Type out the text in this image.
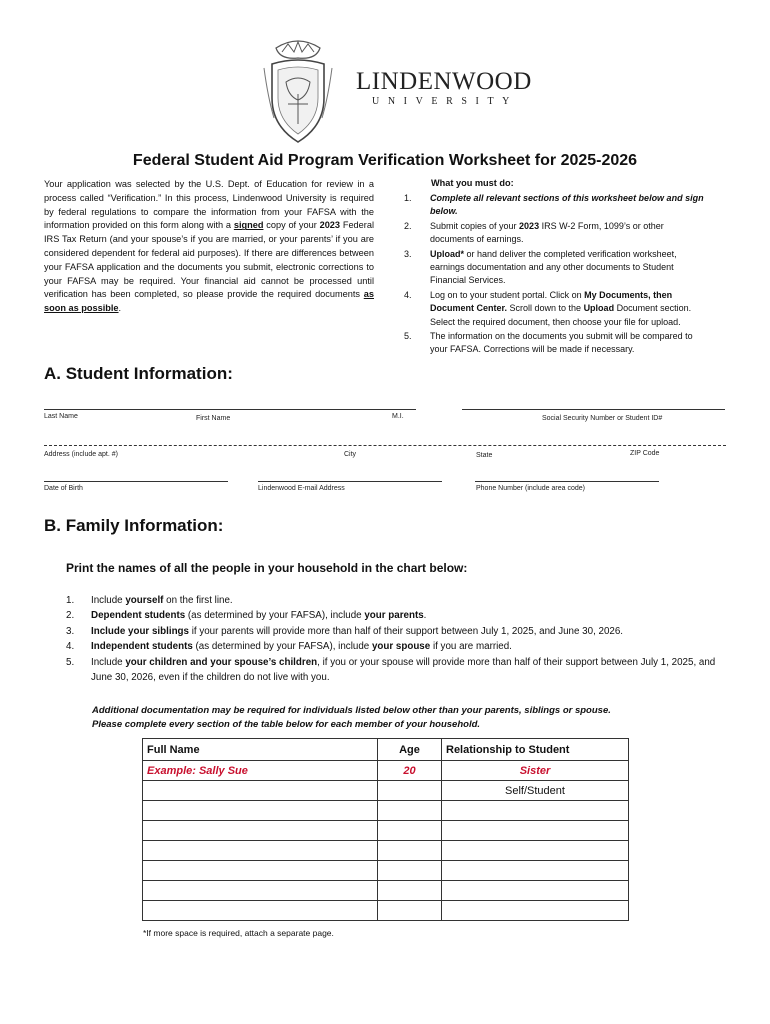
LINDENWOOD
UNIVERSITY
Federal Student Aid Program Verification Worksheet for 2025-2026
Your application was selected by the U.S. Dept. of Education for review in a process called “Verification.” In this process, Lindenwood University is required by federal regulations to compare the information from your FAFSA with the information provided on this form along with a signed copy of your 2023 Federal IRS Tax Return (and your spouse’s if you are married, or your parents’ if you are considered dependent for federal aid purposes). If there are differences between your FAFSA application and the documents you submit, electronic corrections to your FAFSA may be required. Your financial aid cannot be processed until verification has been completed, so please provide the required documents as soon as possible.
What you must do:
1. Complete all relevant sections of this worksheet below and sign below.
2. Submit copies of your 2023 IRS W-2 Form, 1099’s or other documents of earnings.
3. Upload* or hand deliver the completed verification worksheet, earnings documentation and any other documents to Student Financial Services.
4. Log on to your student portal. Click on My Documents, then Document Center. Scroll down to the Upload Document section. Select the required document, then choose your file for upload.
5. The information on the documents you submit will be compared to your FAFSA. Corrections will be made if necessary.
A. Student Information:
Last Name	First Name	M.I.	Social Security Number or Student ID#
Address (include apt. #)	City	State	ZIP Code
Date of Birth	Lindenwood E-mail Address	Phone Number (include area code)
B. Family Information:
Print the names of all the people in your household in the chart below:
1. Include yourself on the first line.
2. Dependent students (as determined by your FAFSA), include your parents.
3. Include your siblings if your parents will provide more than half of their support between July 1, 2025, and June 30, 2026.
4. Independent students (as determined by your FAFSA), include your spouse if you are married.
5. Include your children and your spouse’s children, if you or your spouse will provide more than half of their support between July 1, 2025, and June 30, 2026, even if the children do not live with you.
Additional documentation may be required for individuals listed below other than your parents, siblings or spouse.
Please complete every section of the table below for each member of your household.
Full Name	Age	Relationship to Student
Example: Sally Sue	20	Sister
		Self/Student

*If more space is required, attach a separate page.
